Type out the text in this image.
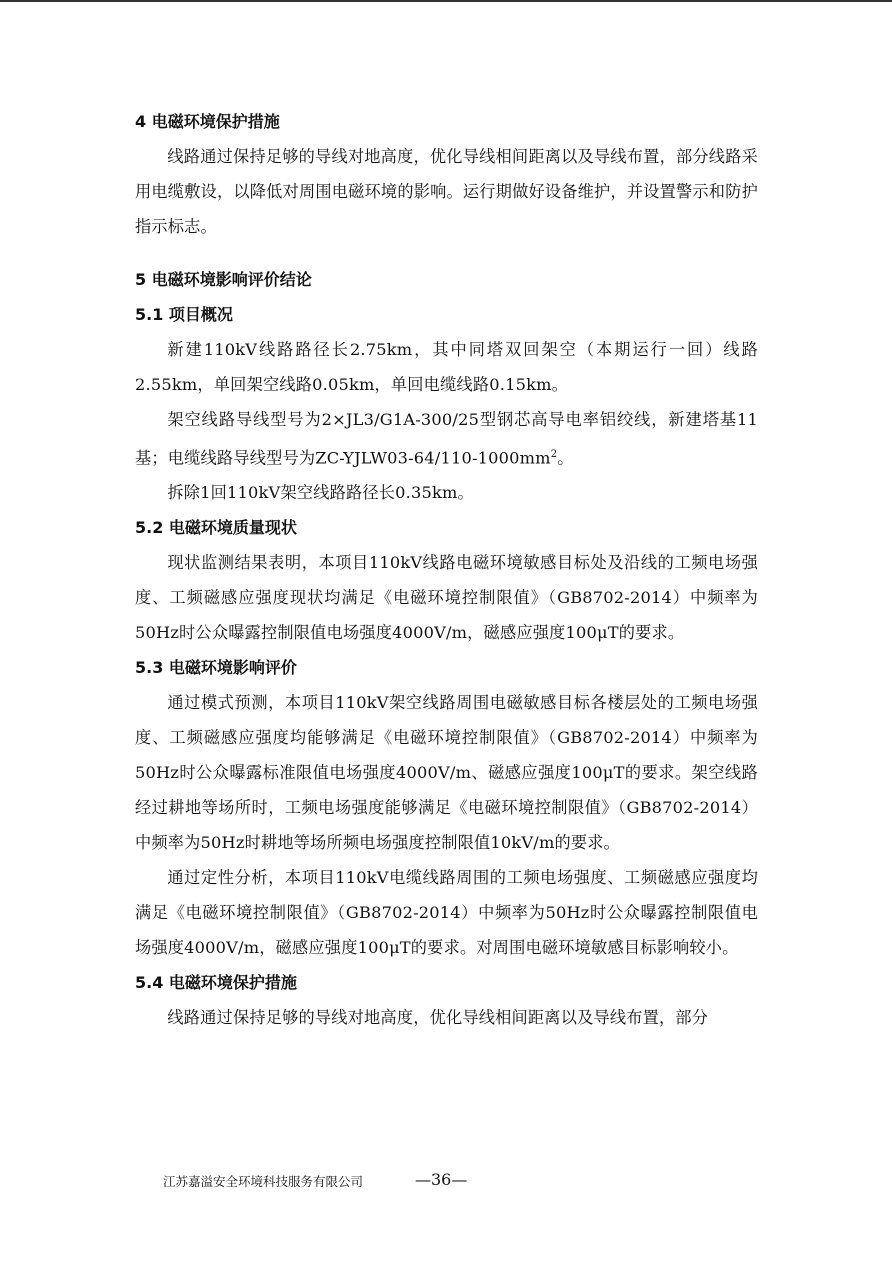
4 电磁环境保护措施

线路通过保持足够的导线对地高度，优化导线相间距离以及导线布置，部分线路采用电缆敷设，以降低对周围电磁环境的影响。运行期做好设备维护，并设置警示和防护指示标志。

5 电磁环境影响评价结论

5.1 项目概况

新建110kV线路路径长2.75km，其中同塔双回架空（本期运行一回）线路2.55km，单回架空线路0.05km，单回电缆线路0.15km。

架空线路导线型号为2×JL3/G1A-300/25型钢芯高导电率铝绞线，新建塔基11基；电缆线路导线型号为$ZC-YJLW03-64/110-1000mm^2$。

拆除1回110kV架空线路路径长0.35km。

5.2 电磁环境质量现状

现状监测结果表明，本项目110kV线路电磁环境敏感目标处及沿线的工频电场强度、工频磁感应强度现状均满足《电磁环境控制限值》（GB8702-2014）中频率为50Hz时公众曝露控制限值电场强度4000V/m，磁感应强度100μT的要求。

5.3 电磁环境影响评价

通过模式预测，本项目110kV架空线路周围电磁敏感目标各楼层处的工频电场强度、工频磁感应强度均能够满足《电磁环境控制限值》（GB8702-2014）中频率为50Hz时公众曝露标准限值电场强度4000V/m、磁感应强度100μT的要求。架空线路经过耕地等场所时，工频电场强度能够满足《电磁环境控制限值》（GB8702-2014）中频率为50Hz时耕地等场所频电场强度控制限值10kV/m的要求。

通过定性分析，本项目110kV电缆线路周围的工频电场强度、工频磁感应强度均满足《电磁环境控制限值》（GB8702-2014）中频率为50Hz时公众曝露控制限值电场强度4000V/m，磁感应强度100μT的要求。对周围电磁环境敏感目标影响较小。

5.4 电磁环境保护措施

线路通过保持足够的导线对地高度，优化导线相间距离以及导线布置，部分

江苏嘉溢安全环境科技服务有限公司	—36—
